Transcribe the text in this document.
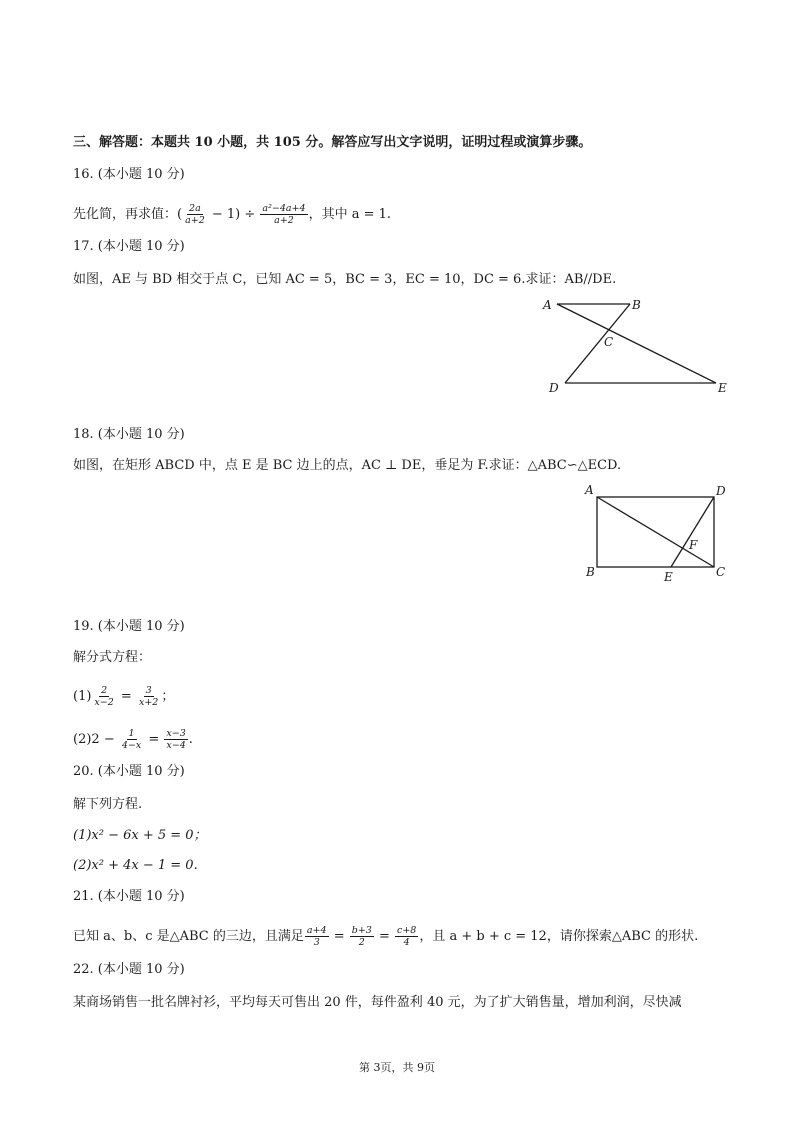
三、解答题：本题共 10 小题，共 105 分。解答应写出文字说明，证明过程或演算步骤。
16. (本小题 10 分)
先化简，再求值：( $\frac{2a}{a+2} - 1) \div \frac{\text{a²−4a+4}}{a+2}$ ，其中 a = 1.
17. (本小题 10 分)
如图，AE 与 BD 相交于点 C，已知 AC = 5，BC = 3，EC = 10，DC = 6.求证：AB//DE.
A	B
C
D	E
18. (本小题 10 分)
如图，在矩形 ABCD 中，点 E 是 BC 边上的点，AC ⊥ DE，垂足为 F.求证：△ABC∽△ECD.
A
B	C
D
E
F
19. (本小题 10 分)
解分式方程：
$(1) \frac{2}{x-2} = \frac{3}{x+2}$ ；
$(2)2 - \frac{1}{4-x} = \frac{x-3}{x-4}$ .
20. (本小题 10 分)
解下列方程.
(1)x² − 6x + 5 = 0；
(2)x² + 4x − 1 = 0.
21. (本小题 10 分)
已知 a、b、c 是△ABC 的三边，且满足 $\frac{a+4}{3} = \frac{b+3}{2} = \frac{c+8}{4}$ ，且 a + b + c = 12，请你探索△ABC 的形状.
22. (本小题 10 分)
某商场销售一批名牌衬衫，平均每天可售出 20 件，每件盈利 40 元，为了扩大销售量，增加利润，尽快减
第 3页，共 9页
